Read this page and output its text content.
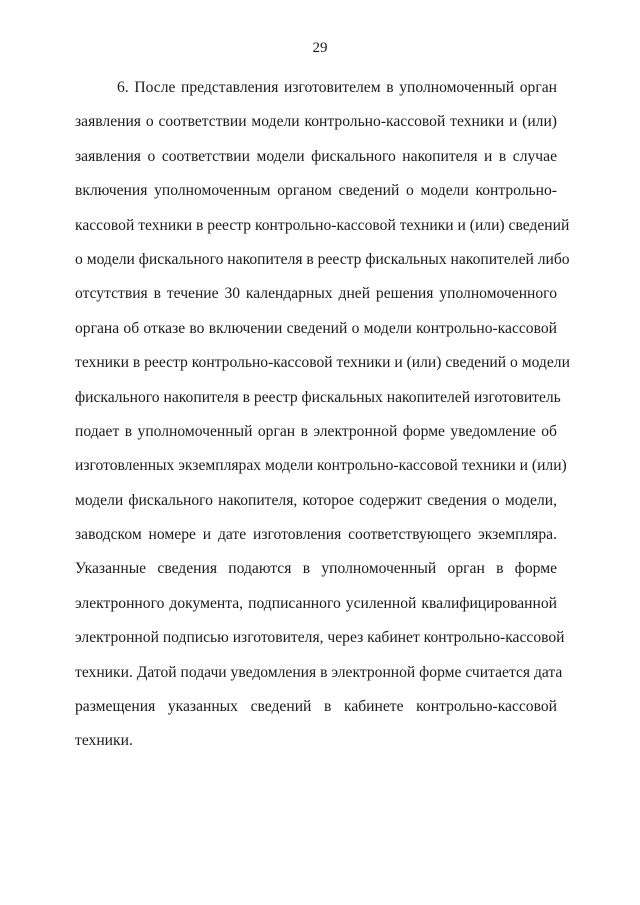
29
6. После представления изготовителем в уполномоченный орган
заявления о соответствии модели контрольно-кассовой техники и (или)
заявления о соответствии модели фискального накопителя и в случае
включения уполномоченным органом сведений о модели контрольно-
кассовой техники в реестр контрольно-кассовой техники и (или) сведений
о модели фискального накопителя в реестр фискальных накопителей либо
отсутствия в течение 30 календарных дней решения уполномоченного
органа об отказе во включении сведений о модели контрольно-кассовой
техники в реестр контрольно-кассовой техники и (или) сведений о модели
фискального накопителя в реестр фискальных накопителей изготовитель
подает в уполномоченный орган в электронной форме уведомление об
изготовленных экземплярах модели контрольно-кассовой техники и (или)
модели фискального накопителя, которое содержит сведения о модели,
заводском номере и дате изготовления соответствующего экземпляра.
Указанные сведения подаются в уполномоченный орган в форме
электронного документа, подписанного усиленной квалифицированной
электронной подписью изготовителя, через кабинет контрольно-кассовой
техники. Датой подачи уведомления в электронной форме считается дата
размещения указанных сведений в кабинете контрольно-кассовой
техники.
